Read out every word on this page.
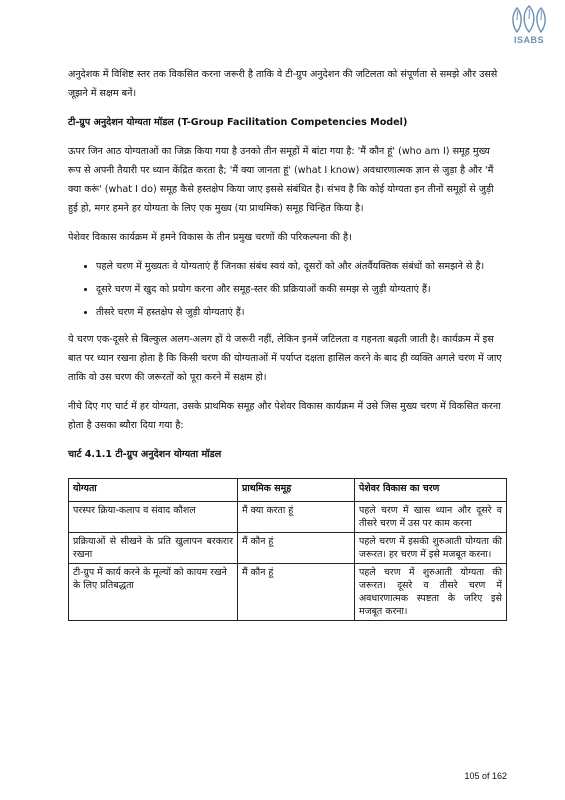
ISABS

अनुदेशक में विशिष्ट स्तर तक विकसित करना जरूरी है ताकि वे टी-ग्रुप अनुदेशन की जटिलता को संपूर्णता से समझे और उससे जूझने में सक्षम बनें।

टी-ग्रुप अनुदेशन योग्यता मॉडल (T-Group Facilitation Competencies Model)

ऊपर जिन आठ योग्यताओं का जिक्र किया गया है उनको तीन समूहों में बांटा गया है: 'मैं कौन हूं' (who am I) समूह मुख्य रूप से अपनी तैयारी पर ध्यान केंद्रित करता है; 'मैं क्या जानता हूं' (what I know) अवधारणात्मक ज्ञान से जुड़ा है और 'मैं क्या करूं' (what I do) समूह कैसे हस्तक्षेप किया जाए इससे संबंधित है। संभव है कि कोई योग्यता इन तीनों समूहों से जुड़ी हुई हो, मगर हमने हर योग्यता के लिए एक मुख्य (या प्राथमिक) समूह चिन्हित किया है।

पेशेवर विकास कार्यक्रम में हमने विकास के तीन प्रमुख चरणों की परिकल्पना की है।

• पहले चरण में मुख्यतः वे योग्यताएं हैं जिनका संबंध स्वयं को, दूसरों को और अंतर्वैयक्तिक संबंधों को समझने से है।
• दूसरे चरण में खुद को प्रयोग करना और समूह-स्तर की प्रक्रियाओं ककी समझ से जुड़ी योग्यताएं हैं।
• तीसरे चरण में हस्तक्षेप से जुड़ी योग्यताएं हैं।

ये चरण एक-दूसरे से बिल्कुल अलग-अलग हों ये जरूरी नहीं, लेकिन इनमें जटिलता व गहनता बढ़ती जाती है। कार्यक्रम में इस बात पर ध्यान रखना होता है कि किसी चरण की योग्यताओं में पर्याप्त दक्षता हासिल करने के बाद ही व्यक्ति अगले चरण में जाए ताकि वो उस चरण की जरूरतों को पूरा करने में सक्षम हो।

नीचे दिए गए चार्ट में हर योग्यता, उसके प्राथमिक समूह और पेशेवर विकास कार्यक्रम में उसे जिस मुख्य चरण में विकसित करना होता है उसका ब्यौरा दिया गया है:

चार्ट 4.1.1 टी-ग्रुप अनुदेशन योग्यता मॉडल

योग्यता	प्राथमिक समूह	पेशेवर विकास का चरण
परस्पर क्रिया-कलाप व संवाद कौशल	मैं क्या करता हूं	पहले चरण में खास ध्यान और दूसरे व तीसरे चरण में उस पर काम करना
प्रक्रियाओं से सीखने के प्रति खुलापन बरकरार रखना	मैं कौन हूं	पहले चरण में इसकी शुरुआती योग्यता की जरूरत। हर चरण में इसे मजबूत करना।
टी-ग्रुप में कार्य करने के मूल्यों को कायम रखने के लिए प्रतिबद्धता	मैं कौन हूं	पहले चरण में शुरुआती योग्यता की जरूरत। दूसरे व तीसरे चरण में अवधारणात्मक स्पष्टता के जरिए इसे मजबूत करना।
105 of 162
